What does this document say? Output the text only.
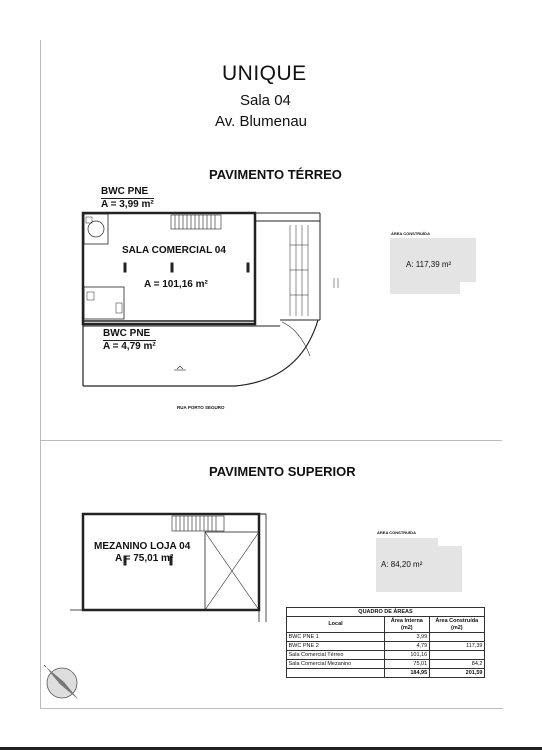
UNIQUE
Sala 04
Av. Blumenau
PAVIMENTO TÉRREO
BWC PNE
A = 3,99 m²
SALA COMERCIAL 04
A = 101,16 m²
BWC PNE
A = 4,79 m²
RUA PORTO SEGURO
ÁREA CONSTRUÍDA
A: 117,39 m²
PAVIMENTO SUPERIOR
MEZANINO LOJA 04
A = 75,01 m²
ÁREA CONSTRUÍDA
A: 84,20 m²
QUADRO DE ÁREAS		
Local	Área Interna (m2)	Área Construída (m2)
BWC PNE 1	3,99	
BWC PNE 2	4,79	117,39
Sala Comercial Térreo	101,16	
Sala Comercial Mezanino	75,01	84,2
	184,95	201,59
